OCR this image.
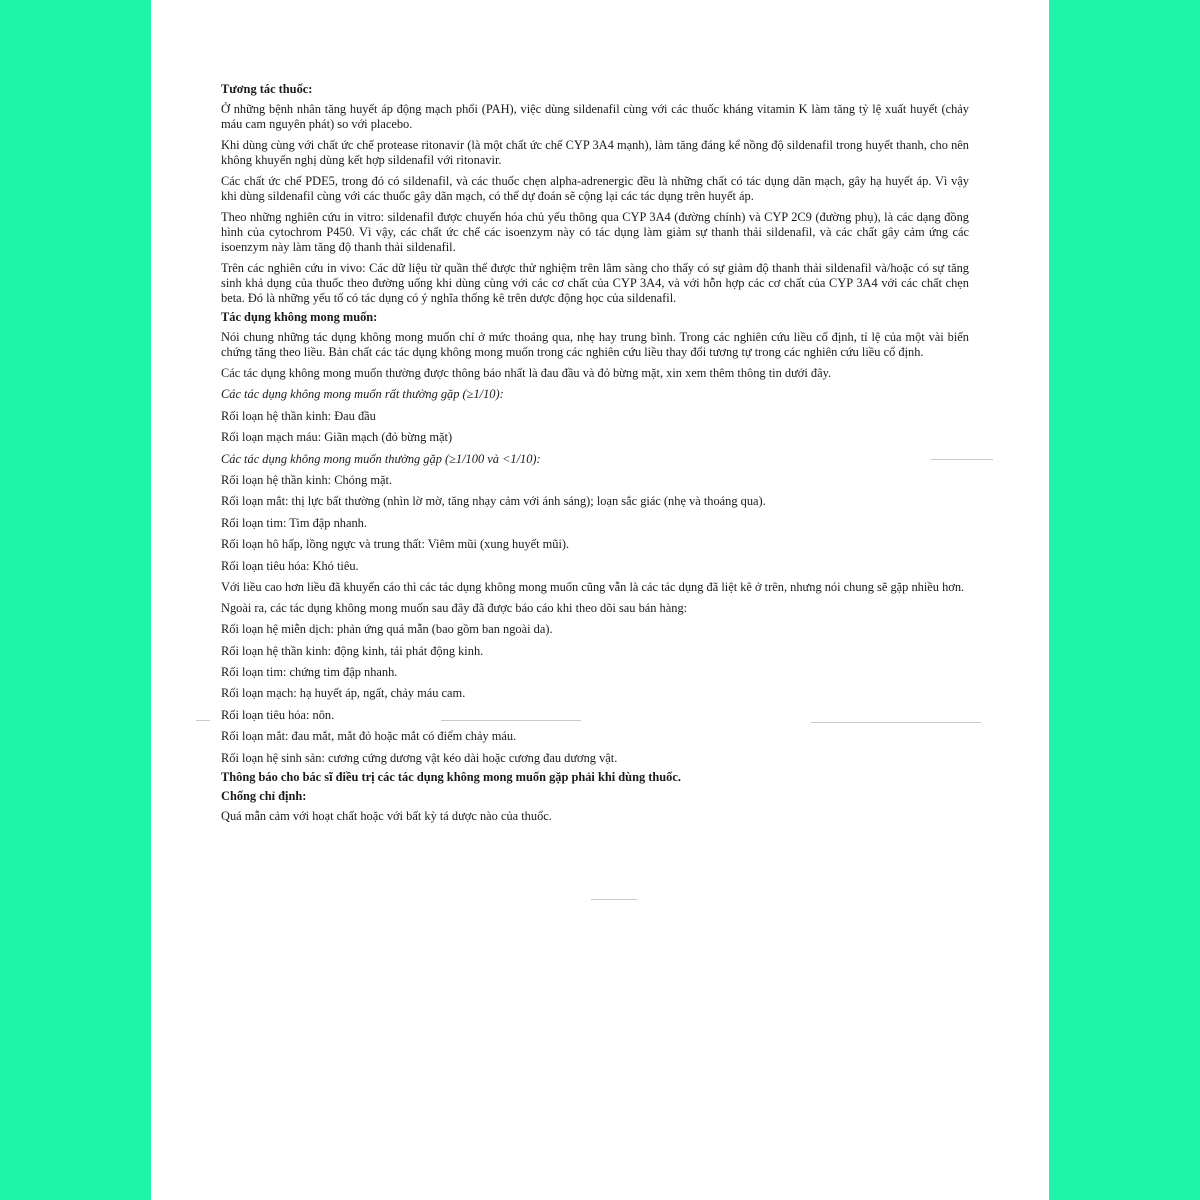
Tương tác thuốc:
Ở những bệnh nhân tăng huyết áp động mạch phổi (PAH), việc dùng sildenafil cùng với các thuốc kháng vitamin K làm tăng tỷ lệ xuất huyết (chảy máu cam nguyên phát) so với placebo.
Khi dùng cùng với chất ức chế protease ritonavir (là một chất ức chế CYP 3A4 mạnh), làm tăng đáng kể nồng độ sildenafil trong huyết thanh, cho nên không khuyến nghị dùng kết hợp sildenafil với ritonavir.
Các chất ức chế PDE5, trong đó có sildenafil, và các thuốc chẹn alpha-adrenergic đều là những chất có tác dụng dãn mạch, gây hạ huyết áp. Vì vậy khi dùng sildenafil cùng với các thuốc gây dãn mạch, có thể dự đoán sẽ cộng lại các tác dụng trên huyết áp.
Theo những nghiên cứu in vitro: sildenafil được chuyển hóa chủ yếu thông qua CYP 3A4 (đường chính) và CYP 2C9 (đường phụ), là các dạng đồng hình của cytochrom P450. Vì vậy, các chất ức chế các isoenzym này có tác dụng làm giảm sự thanh thải sildenafil, và các chất gây cảm ứng các isoenzym này làm tăng độ thanh thải sildenafil.
Trên các nghiên cứu in vivo: Các dữ liệu từ quần thể được thử nghiệm trên lâm sàng cho thấy có sự giảm độ thanh thải sildenafil và/hoặc có sự tăng sinh khả dụng của thuốc theo đường uống khi dùng cùng với các cơ chất của CYP 3A4, và với hỗn hợp các cơ chất của CYP 3A4 với các chất chẹn beta. Đó là những yếu tố có tác dụng có ý nghĩa thống kê trên dược động học của sildenafil.
Tác dụng không mong muốn:
Nói chung những tác dụng không mong muốn chỉ ở mức thoáng qua, nhẹ hay trung bình. Trong các nghiên cứu liều cố định, tỉ lệ của một vài biến chứng tăng theo liều. Bản chất các tác dụng không mong muốn trong các nghiên cứu liều thay đổi tương tự trong các nghiên cứu liều cố định.
Các tác dụng không mong muốn thường được thông báo nhất là đau đầu và đỏ bừng mặt, xin xem thêm thông tin dưới đây.
Các tác dụng không mong muốn rất thường gặp (≥1/10):
Rối loạn hệ thần kinh: Đau đầu
Rối loạn mạch máu: Giãn mạch (đỏ bừng mặt)
Các tác dụng không mong muốn thường gặp (≥1/100 và <1/10):
Rối loạn hệ thần kinh: Chóng mặt.
Rối loạn mắt: thị lực bất thường (nhìn lờ mờ, tăng nhạy cảm với ánh sáng); loạn sắc giác (nhẹ và thoáng qua).
Rối loạn tim: Tim đập nhanh.
Rối loạn hô hấp, lồng ngực và trung thất: Viêm mũi (xung huyết mũi).
Rối loạn tiêu hóa: Khó tiêu.
Với liều cao hơn liều đã khuyến cáo thì các tác dụng không mong muốn cũng vẫn là các tác dụng đã liệt kê ở trên, nhưng nói chung sẽ gặp nhiều hơn.
Ngoài ra, các tác dụng không mong muốn sau đây đã được báo cáo khi theo dõi sau bán hàng:
Rối loạn hệ miễn dịch: phản ứng quá mẫn (bao gồm ban ngoài da).
Rối loạn hệ thần kinh: động kinh, tái phát động kinh.
Rối loạn tim: chứng tim đập nhanh.
Rối loạn mạch: hạ huyết áp, ngất, chảy máu cam.
Rối loạn tiêu hóa: nôn.
Rối loạn mắt: đau mắt, mắt đỏ hoặc mắt có điểm chảy máu.
Rối loạn hệ sinh sản: cương cứng dương vật kéo dài hoặc cương đau dương vật.
Thông báo cho bác sĩ điều trị các tác dụng không mong muốn gặp phải khi dùng thuốc.
Chống chỉ định:
Quá mẫn cảm với hoạt chất hoặc với bất kỳ tá dược nào của thuốc.
